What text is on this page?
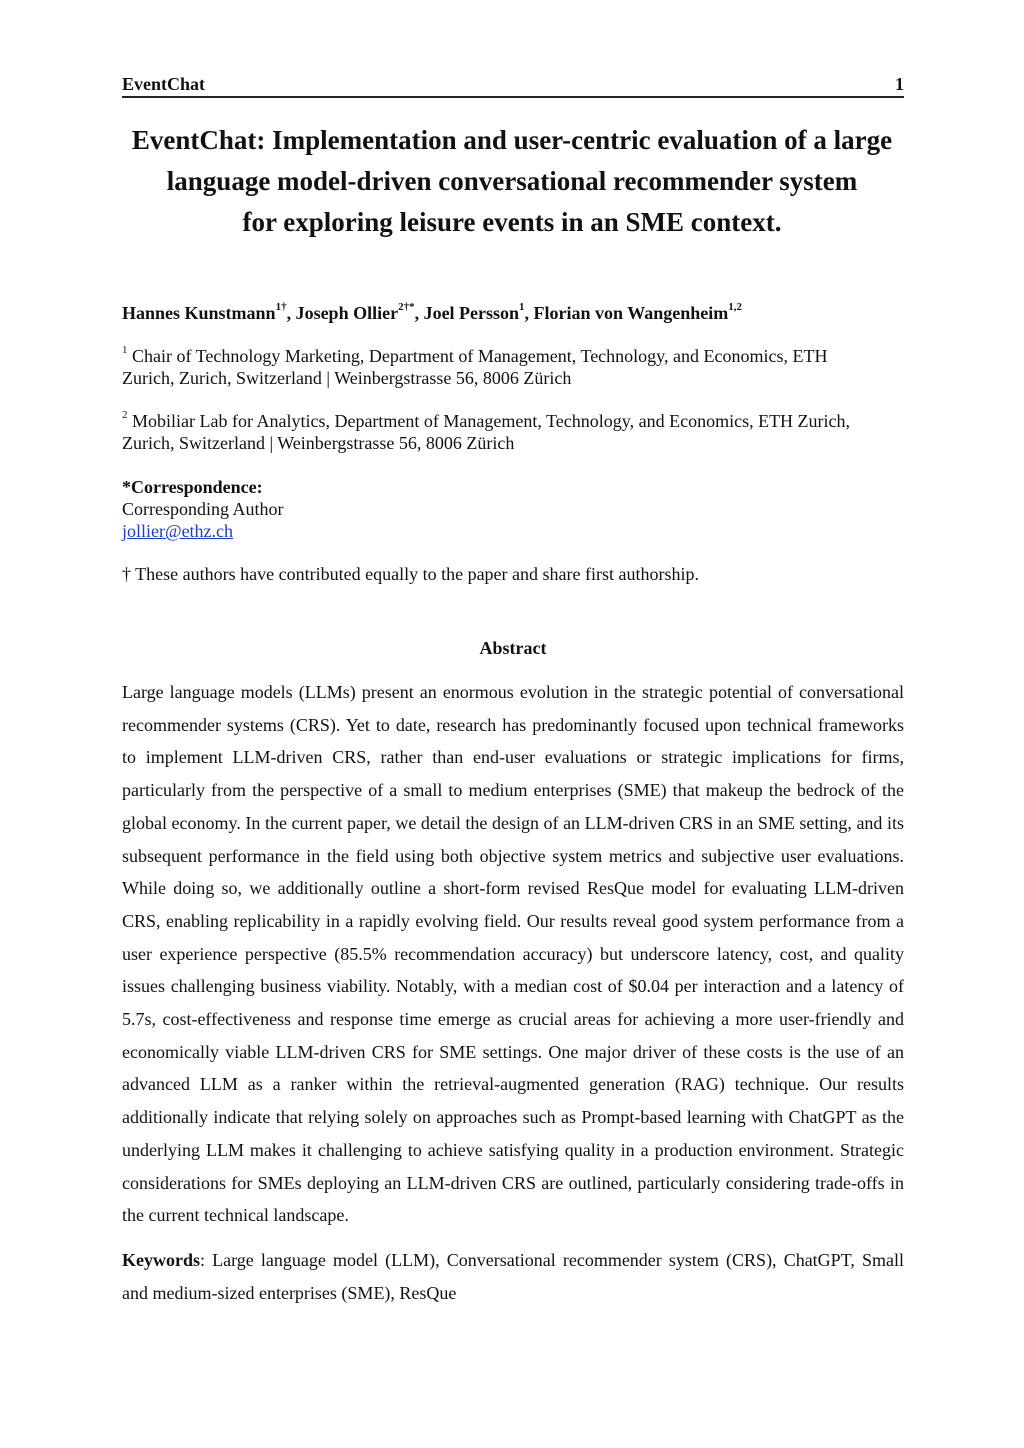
EventChat	1
EventChat: Implementation and user-centric evaluation of a large
language model-driven conversational recommender system
for exploring leisure events in an SME context.
Hannes Kunstmann$^{1\dagger}$, Joseph Ollier$^{2\dagger*}$, Joel Persson$^1$, Florian von Wangenheim$^{1,2}$
$^1$ Chair of Technology Marketing, Department of Management, Technology, and Economics, ETH
Zurich, Zurich, Switzerland | Weinbergstrasse 56, 8006 Zürich
$^2$ Mobiliar Lab for Analytics, Department of Management, Technology, and Economics, ETH Zurich,
Zurich, Switzerland | Weinbergstrasse 56, 8006 Zürich
*Correspondence:
Corresponding Author
jollier@ethz.ch
† These authors have contributed equally to the paper and share first authorship.
Abstract
Large language models (LLMs) present an enormous evolution in the strategic potential of conversational recommender systems (CRS). Yet to date, research has predominantly focused upon technical frameworks to implement LLM-driven CRS, rather than end-user evaluations or strategic implications for firms, particularly from the perspective of a small to medium enterprises (SME) that makeup the bedrock of the global economy. In the current paper, we detail the design of an LLM-driven CRS in an SME setting, and its subsequent performance in the field using both objective system metrics and subjective user evaluations. While doing so, we additionally outline a short-form revised ResQue model for evaluating LLM-driven CRS, enabling replicability in a rapidly evolving field. Our results reveal good system performance from a user experience perspective (85.5% recommendation accuracy) but underscore latency, cost, and quality issues challenging business viability. Notably, with a median cost of $0.04 per interaction and a latency of 5.7s, cost-effectiveness and response time emerge as crucial areas for achieving a more user-friendly and economically viable LLM-driven CRS for SME settings. One major driver of these costs is the use of an advanced LLM as a ranker within the retrieval-augmented generation (RAG) technique. Our results additionally indicate that relying solely on approaches such as Prompt-based learning with ChatGPT as the underlying LLM makes it challenging to achieve satisfying quality in a production environment. Strategic considerations for SMEs deploying an LLM-driven CRS are outlined, particularly considering trade-offs in the current technical landscape.
Keywords: Large language model (LLM), Conversational recommender system (CRS), ChatGPT, Small and medium-sized enterprises (SME), ResQue
